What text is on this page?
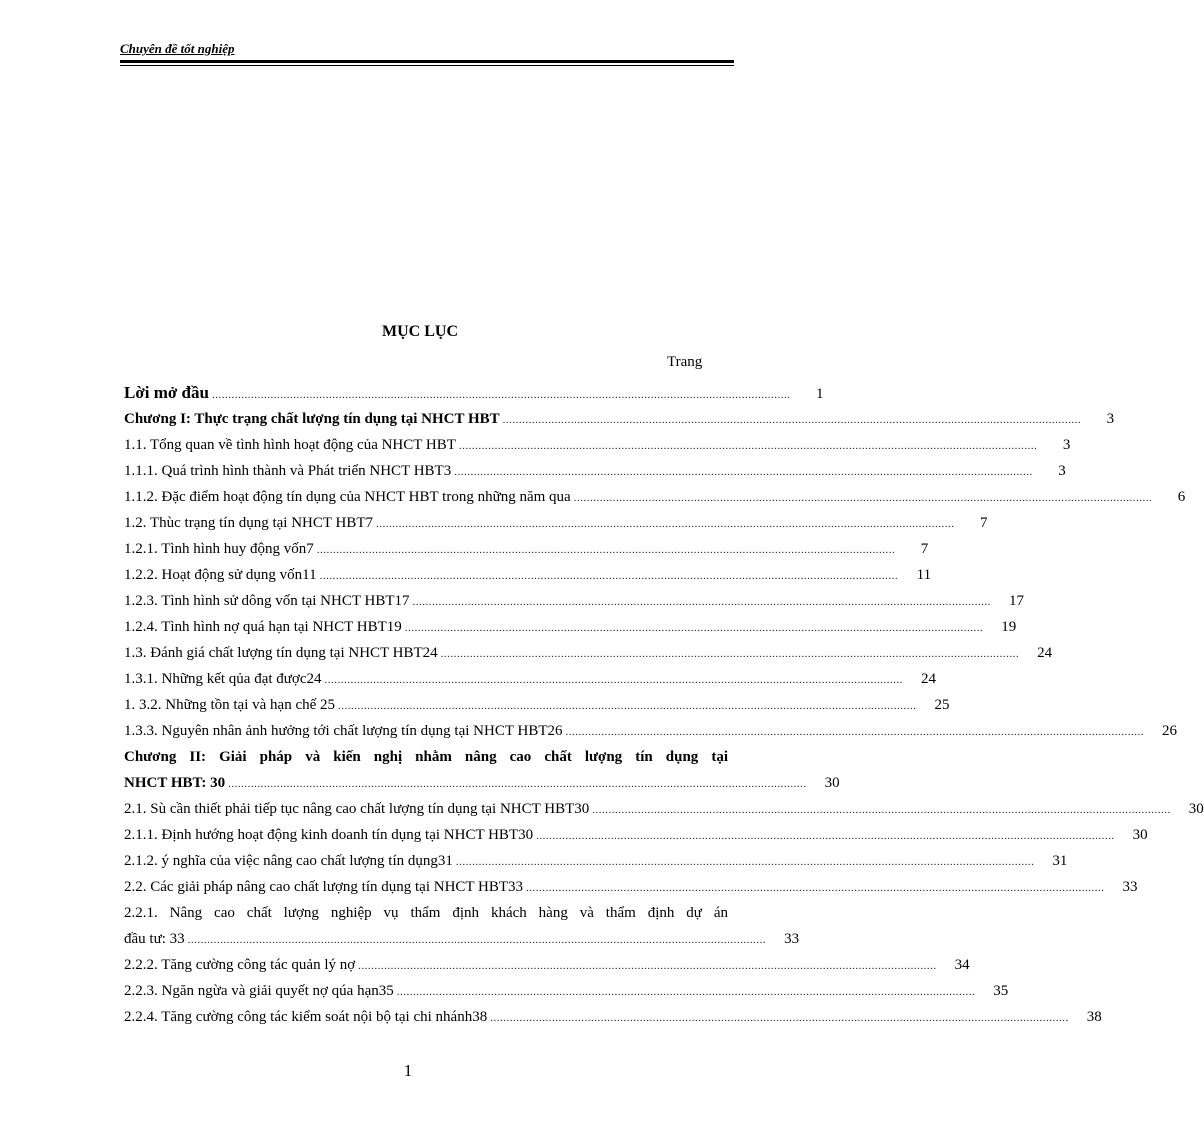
Chuyên đề tốt nghiệp
MỤC LỤC
Trang
Lời mở đầu ..................................................................................................................................................................................	1
Chương I: Thực trạng chất lượng tín dụng tại NHCT HBT ..................................................................................................................................................................................	3
1.1. Tổng quan về tình hình hoạt động của NHCT HBT ..................................................................................................................................................................................	3
1.1.1. Quá trình hình thành và Phát triển NHCT HBT3 ..................................................................................................................................................................................	3
1.1.2. Đặc điểm hoạt động tín dụng của NHCT HBT trong những năm qua ..................................................................................................................................................................................	6
1.2. Thùc trạng tín dụng tại NHCT HBT7 ..................................................................................................................................................................................	7
1.2.1. Tình hình huy động vốn7 ..................................................................................................................................................................................	7
1.2.2. Hoạt động sử dụng vốn11 ..................................................................................................................................................................................	11
1.2.3. Tình hình sử dông vốn tại NHCT HBT17 ..................................................................................................................................................................................	17
1.2.4. Tình hình nợ quá hạn tại NHCT HBT19 ..................................................................................................................................................................................	19
1.3. Đánh giá chất lượng tín dụng tại NHCT HBT24 ..................................................................................................................................................................................	24
1.3.1. Những kết qủa đạt được24 ..................................................................................................................................................................................	24
1. 3.2. Những tồn tại và hạn chế 25 ..................................................................................................................................................................................	25
1.3.3. Nguyên nhân ảnh hưởng tới chất lượng tín dụng tại NHCT HBT26 ..................................................................................................................................................................................	26
Chương II: Giải pháp và kiến nghị nhằm nâng cao chất lượng tín dụng tại
NHCT HBT: 30 ..................................................................................................................................................................................	30
2.1. Sù cần thiết phải tiếp tục nâng cao chất lượng tín dụng tại NHCT HBT30 ..................................................................................................................................................................................	30
2.1.1. Định hướng hoạt động kinh doanh tín dụng tại NHCT HBT30 ..................................................................................................................................................................................	30
2.1.2. ý nghĩa của việc nâng cao chất lượng tín dụng31 ..................................................................................................................................................................................	31
2.2. Các giải pháp nâng cao chất lượng tín dụng tại NHCT HBT33 ..................................................................................................................................................................................	33
2.2.1. Nâng cao chất lượng nghiệp vụ thẩm định khách hàng và thẩm định dự án
đầu tư: 33 ..................................................................................................................................................................................	33
2.2.2. Tăng cường công tác quản lý nợ ..................................................................................................................................................................................	34
2.2.3. Ngăn ngừa và giải quyết nợ qúa hạn35 ..................................................................................................................................................................................	35
2.2.4. Tăng cường công tác kiểm soát nội bộ tại chi nhánh38 ..................................................................................................................................................................................	38
1
